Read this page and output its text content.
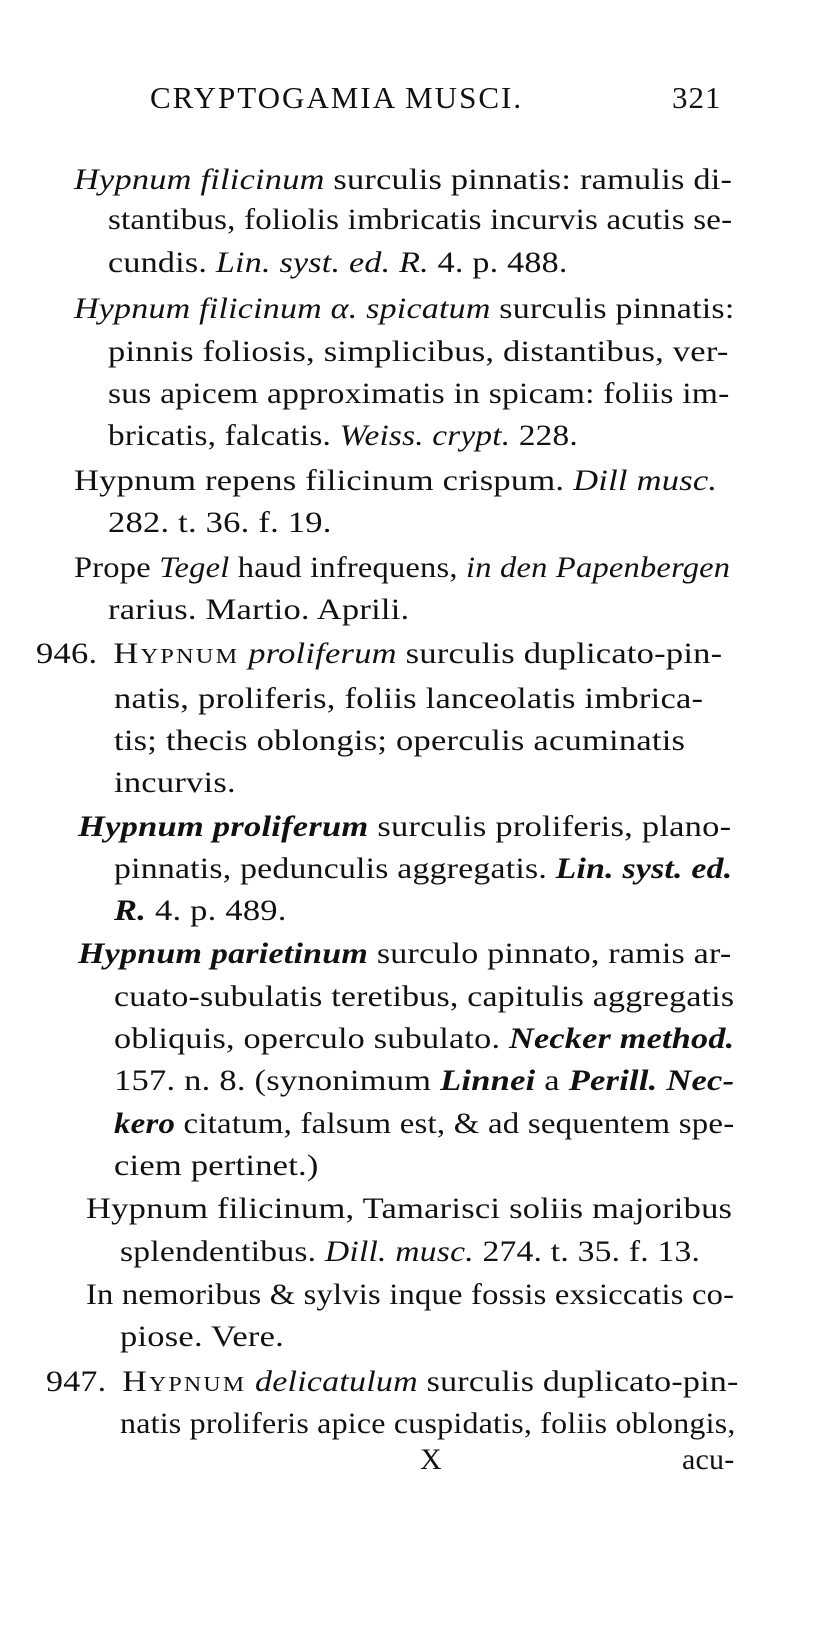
CRYPTOGAMIA MUSCI.	321
Hypnum filicinum surculis pinnatis: ramulis di-
stantibus, foliolis imbricatis incurvis acutis se-
cundis. Lin. syst. ed. R. 4. p. 488.
Hypnum filicinum α. spicatum surculis pinnatis:
pinnis foliosis, simplicibus, distantibus, ver-
sus apicem approximatis in spicam: foliis im-
bricatis, falcatis. Weiss. crypt. 228.
Hypnum repens filicinum crispum. Dill musc.
282. t. 36. f. 19.
Prope Tegel haud infrequens, in den Papenbergen
rarius. Martio. Aprili.
946. Hypnum proliferum surculis duplicato-pin-
natis, proliferis, foliis lanceolatis imbrica-
tis; thecis oblongis; operculis acuminatis
incurvis.
Hypnum proliferum surculis proliferis, plano-
pinnatis, pedunculis aggregatis. Lin. syst. ed.
R. 4. p. 489.
Hypnum parietinum surculo pinnato, ramis ar-
cuato-subulatis teretibus, capitulis aggregatis
obliquis, operculo subulato. Necker method.
157. n. 8. (synonimum Linnei a Perill. Nec-
kero citatum, falsum est, & ad sequentem spe-
ciem pertinet.)
Hypnum filicinum, Tamarisci soliis majoribus
splendentibus. Dill. musc. 274. t. 35. f. 13.
In nemoribus & sylvis inque fossis exsiccatis co-
piose. Vere.
947. Hypnum delicatulum surculis duplicato-pin-
natis proliferis apice cuspidatis, foliis oblongis,
X	acu-
